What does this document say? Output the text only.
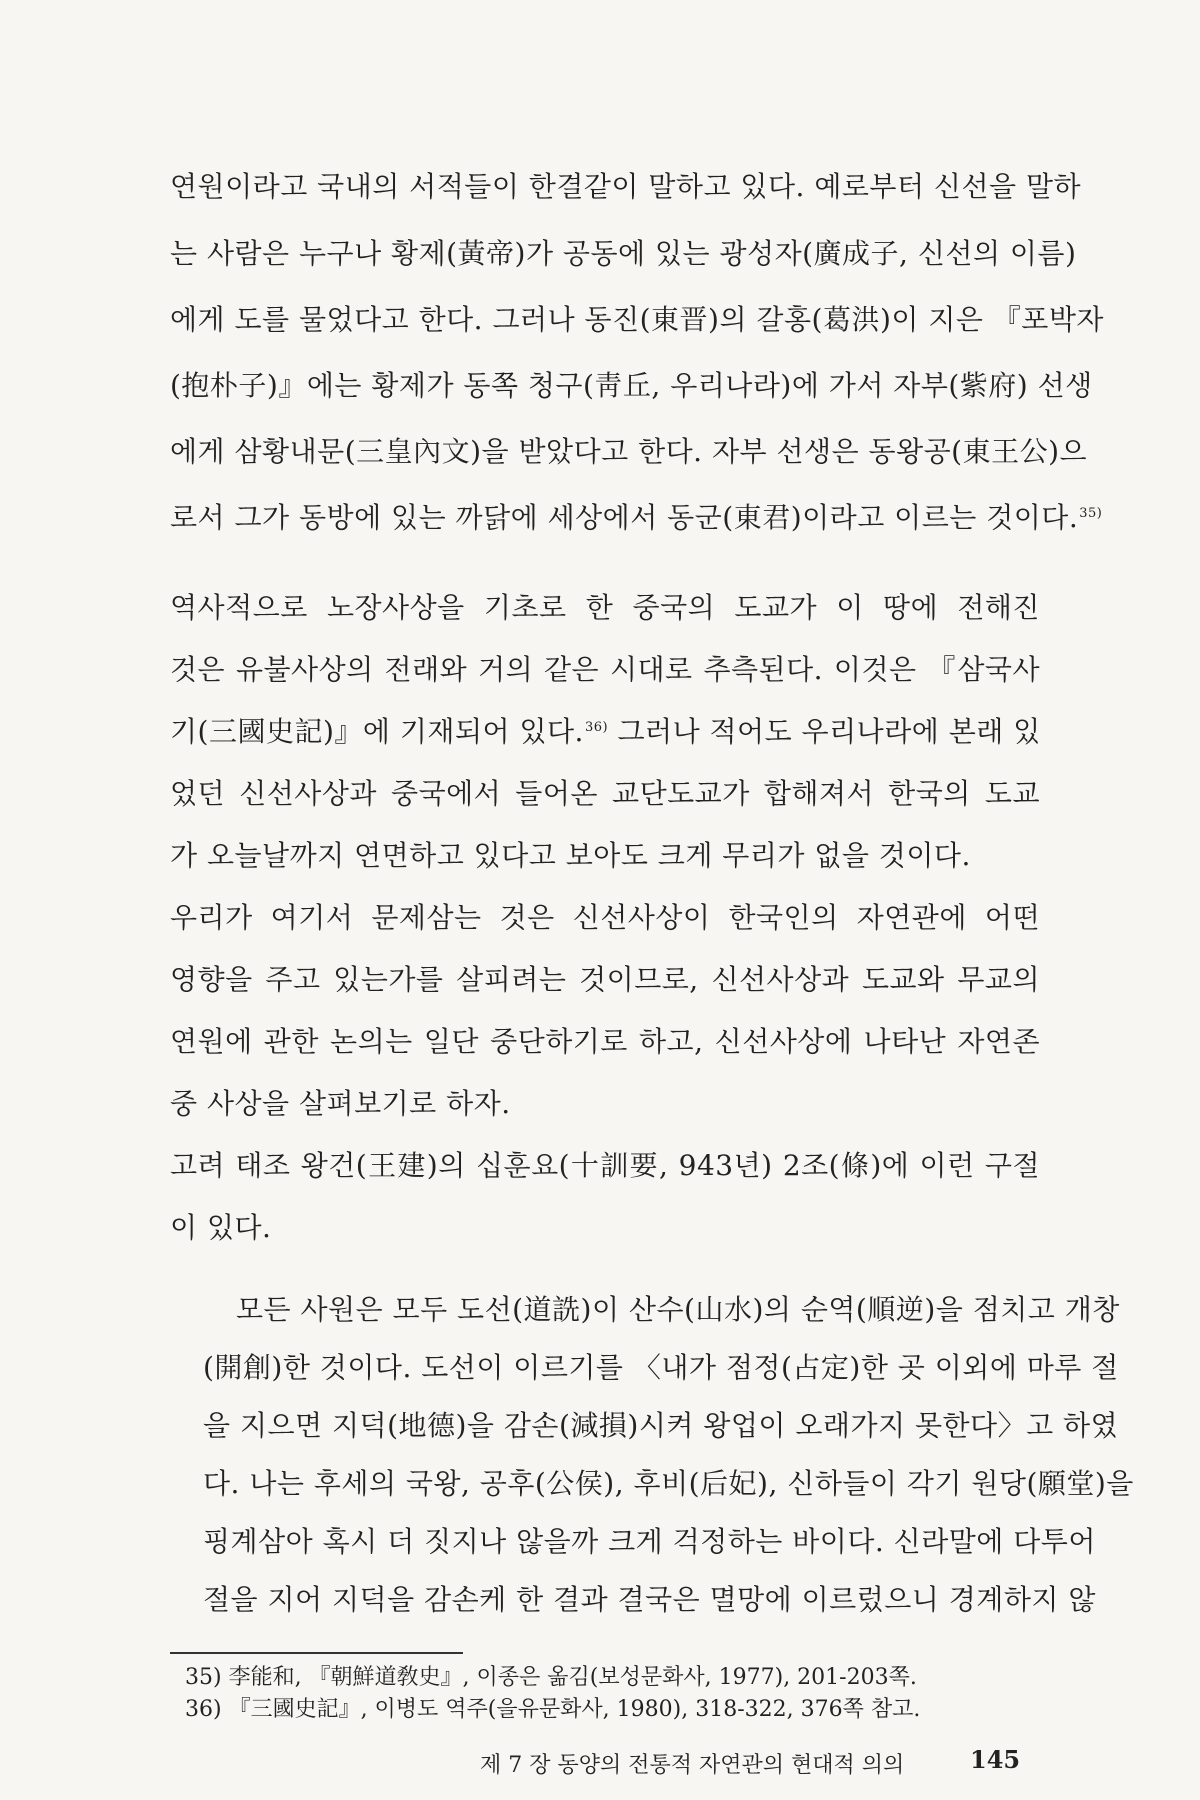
연원이라고 국내의 서적들이 한결같이 말하고 있다. 예로부터 신선을 말하
는 사람은 누구나 황제(黃帝)가 공동에 있는 광성자(廣成子, 신선의 이름)
에게 도를 물었다고 한다. 그러나 동진(東晋)의 갈홍(葛洪)이 지은 『포박자
(抱朴子)』에는 황제가 동쪽 청구(靑丘, 우리나라)에 가서 자부(紫府) 선생
에게 삼황내문(三皇內文)을 받았다고 한다. 자부 선생은 동왕공(東王公)으
로서 그가 동방에 있는 까닭에 세상에서 동군(東君)이라고 이르는 것이다.$^{35)}$
역사적으로 노장사상을 기초로 한 중국의 도교가 이 땅에 전해진
것은 유불사상의 전래와 거의 같은 시대로 추측된다. 이것은 『삼국사
기(三國史記)』에 기재되어 있다.$^{36)}$ 그러나 적어도 우리나라에 본래 있
었던 신선사상과 중국에서 들어온 교단도교가 합해져서 한국의 도교
가 오늘날까지 연면하고 있다고 보아도 크게 무리가 없을 것이다.
우리가 여기서 문제삼는 것은 신선사상이 한국인의 자연관에 어떤
영향을 주고 있는가를 살피려는 것이므로, 신선사상과 도교와 무교의
연원에 관한 논의는 일단 중단하기로 하고, 신선사상에 나타난 자연존
중 사상을 살펴보기로 하자.
고려 태조 왕건(王建)의 십훈요(十訓要, 943년) 2조(條)에 이런 구절
이 있다.
모든 사원은 모두 도선(道詵)이 산수(山水)의 순역(順逆)을 점치고 개창
(開創)한 것이다. 도선이 이르기를 〈내가 점정(占定)한 곳 이외에 마루 절
을 지으면 지덕(地德)을 감손(減損)시켜 왕업이 오래가지 못한다〉고 하였
다. 나는 후세의 국왕, 공후(公侯), 후비(后妃), 신하들이 각기 원당(願堂)을
핑계삼아 혹시 더 짓지나 않을까 크게 걱정하는 바이다. 신라말에 다투어
절을 지어 지덕을 감손케 한 결과 결국은 멸망에 이르렀으니 경계하지 않
35) 李能和, 『朝鮮道敎史』, 이종은 옮김(보성문화사, 1977), 201-203쪽.
36) 『三國史記』, 이병도 역주(을유문화사, 1980), 318-322, 376쪽 참고.
제 7 장 동양의 전통적 자연관의 현대적 의의	145
